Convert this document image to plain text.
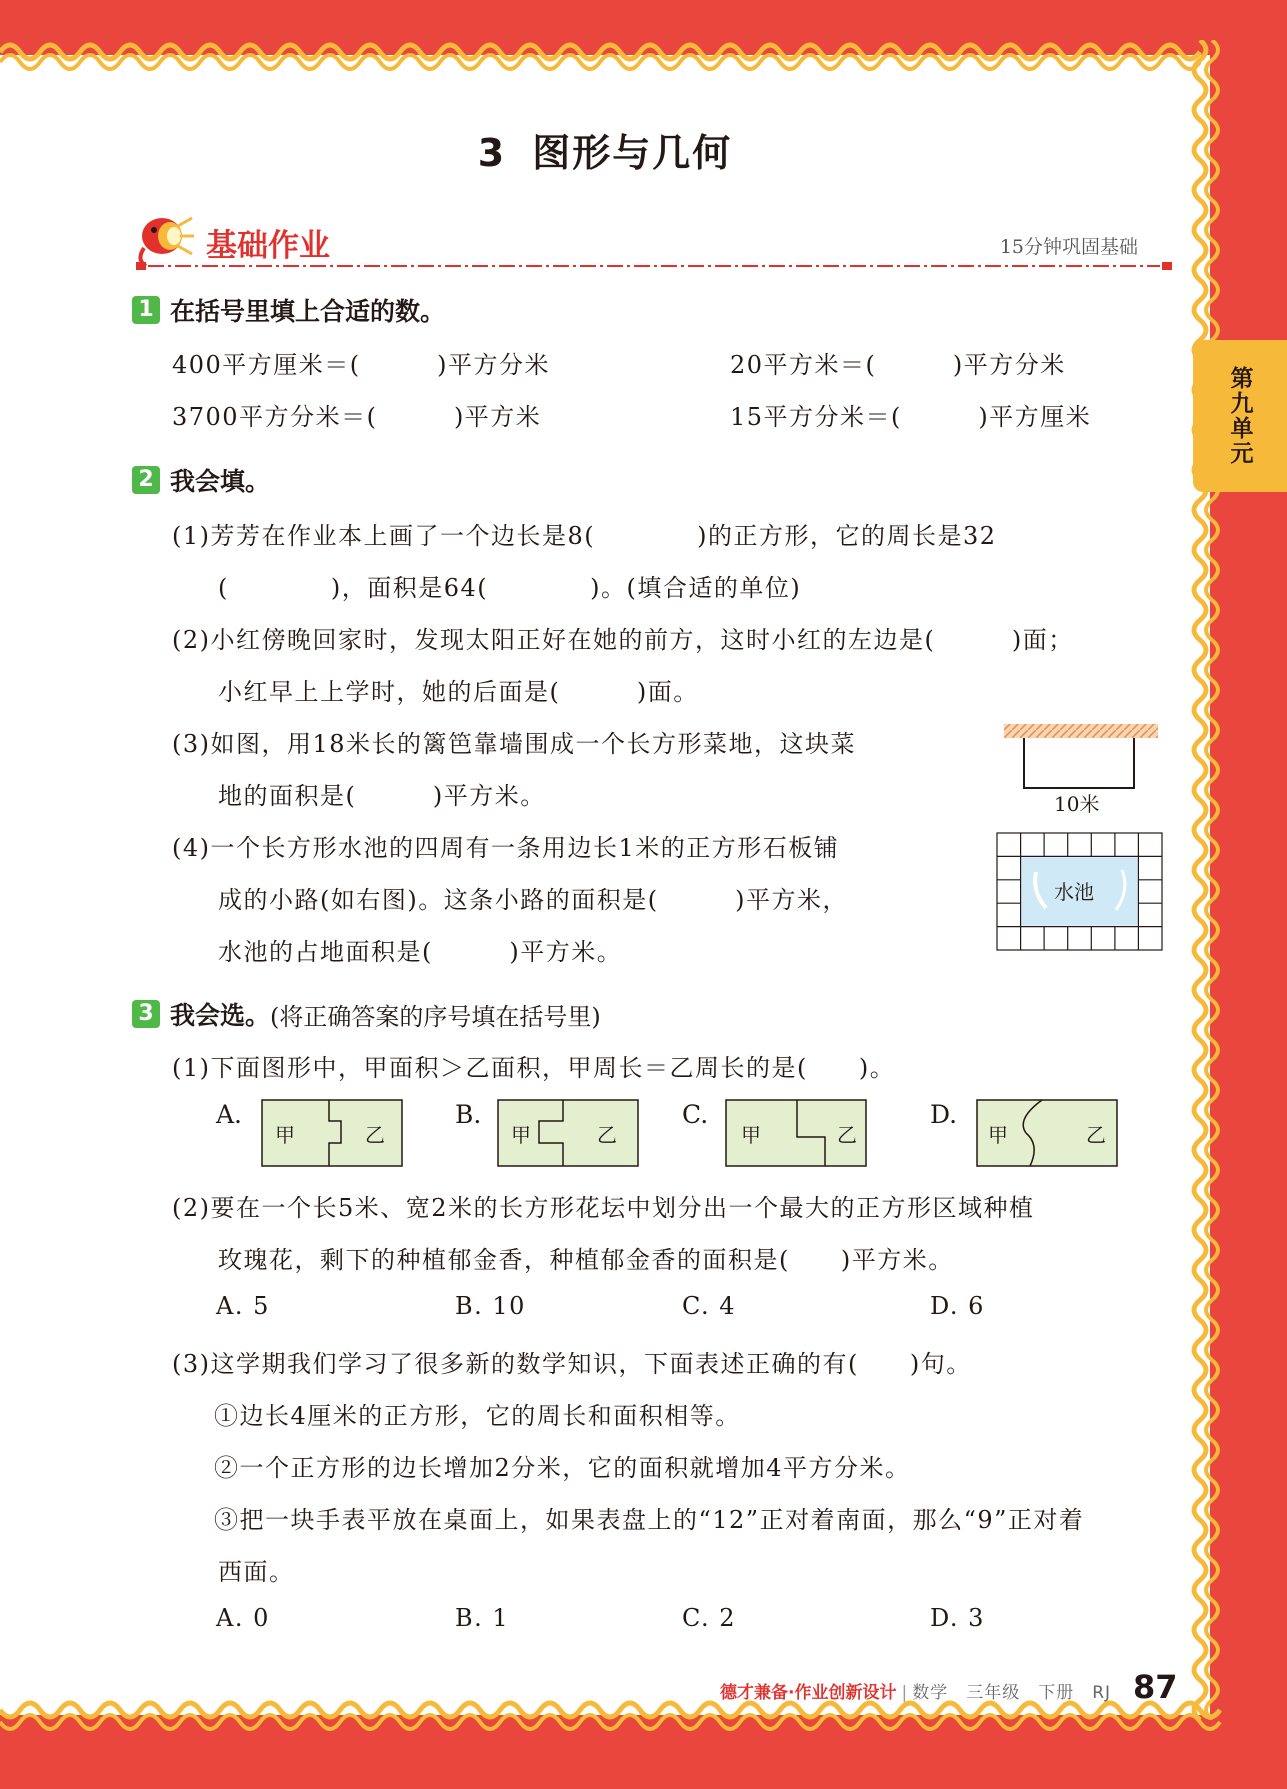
第九单元
3 图形与几何
基础作业	15分钟巩固基础
1 在括号里填上合适的数。
400平方厘米＝(　　　)平方分米	20平方米＝(　　　)平方分米
3700平方分米＝(　　　)平方米	15平方分米＝(　　　)平方厘米
2 我会填。
(1)芳芳在作业本上画了一个边长是8(　　　　)的正方形，它的周长是32
(　　　　)，面积是64(　　　　)。(填合适的单位)
(2)小红傍晚回家时，发现太阳正好在她的前方，这时小红的左边是(　　　)面；
小红早上上学时，她的后面是(　　　)面。
(3)如图，用18米长的篱笆靠墙围成一个长方形菜地，这块菜
地的面积是(　　　)平方米。	10米
(4)一个长方形水池的四周有一条用边长1米的正方形石板铺
成的小路(如右图)。这条小路的面积是(　　　)平方米，
水池的占地面积是(　　　)平方米。
水池
3 我会选。 (将正确答案的序号填在括号里)
(1)下面图形中，甲面积＞乙面积，甲周长＝乙周长的是(　　)。
A.	B.	C.	D.
甲	乙	甲	乙	甲	乙	甲	乙
(2)要在一个长5米、宽2米的长方形花坛中划分出一个最大的正方形区域种植
玫瑰花，剩下的种植郁金香，种植郁金香的面积是(　　)平方米。
A. 5	B. 10	C. 4	D. 6
(3)这学期我们学习了很多新的数学知识，下面表述正确的有(　　)句。
①边长4厘米的正方形，它的周长和面积相等。
②一个正方形的边长增加2分米，它的面积就增加4平方分米。
③把一块手表平放在桌面上，如果表盘上的“12”正对着南面，那么“9”正对着
西面。
A. 0	B. 1	C. 2	D. 3
德才兼备·作业创新设计 | 数学　三年级　下册　RJ 87
